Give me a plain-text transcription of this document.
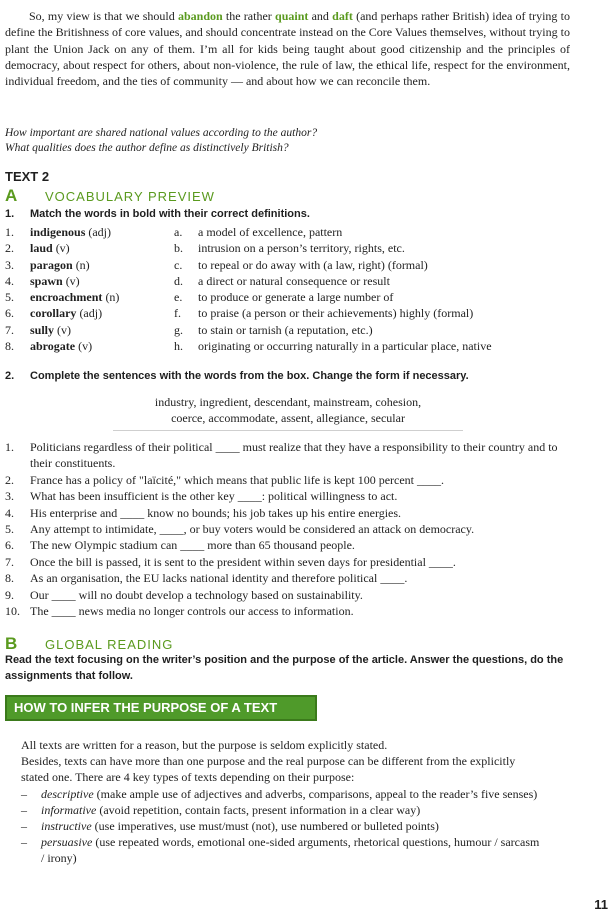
So, my view is that we should abandon the rather quaint and daft (and perhaps rather British) idea of trying to define the Britishness of core values, and should concentrate instead on the Core Values themselves, without trying to plant the Union Jack on any of them. I’m all for kids being taught about good citizenship and the principles of democracy, about respect for others, about non-violence, the rule of law, the ethical life, respect for the environment, individual freedom, and the ties of community — and about how we can reconcile them.
How important are shared national values according to the author?
What qualities does the author define as distinctively British?
TEXT 2
A VOCABULARY PREVIEW
1. Match the words in bold with their correct definitions.
1. indigenous (adj)	a. a model of excellence, pattern
2. laud (v)	b. intrusion on a person’s territory, rights, etc.
3. paragon (n)	c. to repeal or do away with (a law, right) (formal)
4. spawn (v)	d. a direct or natural consequence or result
5. encroachment (n)	e. to produce or generate a large number of
6. corollary (adj)	f. to praise (a person or their achievements) highly (formal)
7. sully (v)	g. to stain or tarnish (a reputation, etc.)
8. abrogate (v)	h. originating or occurring naturally in a particular place, native
2. Complete the sentences with the words from the box. Change the form if necessary.
industry, ingredient, descendant, mainstream, cohesion,
coerce, accommodate, assent, allegiance, secular
1. Politicians regardless of their political ____ must realize that they have a responsibility to their country and to their constituents.
2. France has a policy of "laïcité," which means that public life is kept 100 percent ____.
3. What has been insufficient is the other key ____: political willingness to act.
4. His enterprise and ____ know no bounds; his job takes up his entire energies.
5. Any attempt to intimidate, ____, or buy voters would be considered an attack on democracy.
6. The new Olympic stadium can ____ more than 65 thousand people.
7. Once the bill is passed, it is sent to the president within seven days for presidential ____.
8. As an organisation, the EU lacks national identity and therefore political ____.
9. Our ____ will no doubt develop a technology based on sustainability.
10. The ____ news media no longer controls our access to information.
B GLOBAL READING
Read the text focusing on the writer’s position and the purpose of the article. Answer the questions, do the assignments that follow.
HOW TO INFER THE PURPOSE OF A TEXT
All texts are written for a reason, but the purpose is seldom explicitly stated.
Besides, texts can have more than one purpose and the real purpose can be different from the explicitly stated one. There are 4 key types of texts depending on their purpose:
– descriptive (make ample use of adjectives and adverbs, comparisons, appeal to the reader’s five senses)
– informative (avoid repetition, contain facts, present information in a clear way)
– instructive (use imperatives, use must/must (not), use numbered or bulleted points)
– persuasive (use repeated words, emotional one-sided arguments, rhetorical questions, humour / sarcasm / irony)
11
